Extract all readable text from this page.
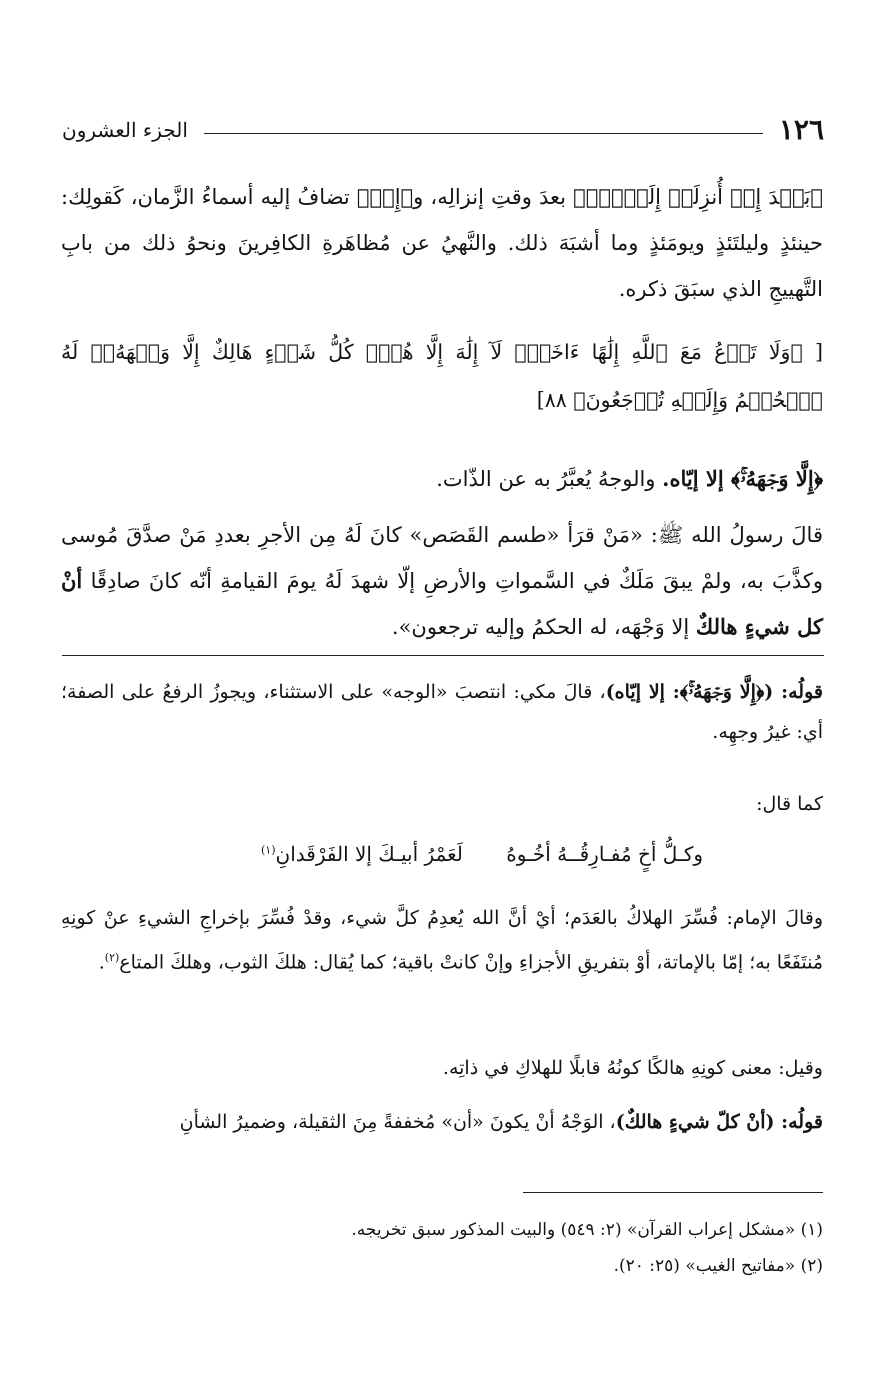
١٢٦
الجزء العشرون

﴿بَعۡدَ إِذۡ أُنزِلَتۡ إِلَيۡكَۖ﴾ بعدَ وقتِ إنزالِه، و﴿إِذۡ﴾ تضافُ إليه أسماءُ الزَّمان، كَقولِك: حينئذٍ وليلتَئذٍ ويومَئذٍ وما أشبَهَ ذلك. والنَّهيُ عن مُظاهَرةِ الكافِرينَ ونحوُ ذلك من بابِ التَّهييجِ الذي سبَقَ ذكره.

[ ﴿وَلَا تَدۡعُ مَعَ ٱللَّهِ إِلَٰهًا ءَاخَرَۘ لَآ إِلَٰهَ إِلَّا هُوَۚ كُلُّ شَيۡءٍ هَالِكٌ إِلَّا وَجۡهَهُۥۚ لَهُ ٱلۡحُكۡمُ وَإِلَيۡهِ تُرۡجَعُونَ﴾ ٨٨]

﴿إِلَّا وَجۡهَهُۥۚ﴾ إلا إيّاه. والوجهُ يُعبَّرُ به عن الذّات.

قالَ رسولُ الله ﷺ: «مَنْ قرَأ «طسم القَصَص» كانَ لَهُ مِن الأجرِ بعددِ مَنْ صدَّقَ مُوسى وكذَّبَ به، ولمْ يبقَ مَلَكٌ في السَّمواتِ والأرضِ إلّا شهدَ لَهُ يومَ القيامةِ أنّه كانَ صادِقًا أنْ كل شيءٍ هالكٌ إلا وَجْهَه، له الحكمُ وإليه ترجعون».

قولُه: (﴿إِلَّا وَجۡهَهُۥۚ﴾: إلا إيّاه)، قالَ مكي: انتصبَ «الوجه» على الاستثناء، ويجوزُ الرفعُ على الصفة؛ أي: غيرُ وجهِه.

كما قال:

وكـلُّ أخٍ مُفـارِقُــهُ أخُـوهُ
لَعَمْرُ أبيـكَ إلا الفَرْقَدانِ$^{(١)}$

وقالَ الإمام: فُسِّرَ الهلاكُ بالعَدَم؛ أيْ أنَّ الله يُعدِمُ كلَّ شيء، وقدْ فُسِّرَ بإخراجِ الشيءِ عنْ كونِهِ مُنتَفَعًا به؛ إمّا بالإماتة، أوْ بتفريقِ الأجزاءِ وإنْ كانتْ باقية؛ كما يُقال: هلكَ الثوب، وهلكَ المتاع$^{(٢)}$.

وقيل: معنى كونِهِ هالكًا كونُهُ قابلًا للهلاكِ في ذاتِه.

قولُه: (أنْ كلّ شيءٍ هالكٌ)، الوَجْهُ أنْ يكونَ «أن» مُخففةً مِنَ الثقيلة، وضميرُ الشأنِ

(١) «مشكل إعراب القرآن» (٢: ٥٤٩) والبيت المذكور سبق تخريجه.

(٢) «مفاتيح الغيب» (٢٥: ٢٠).
